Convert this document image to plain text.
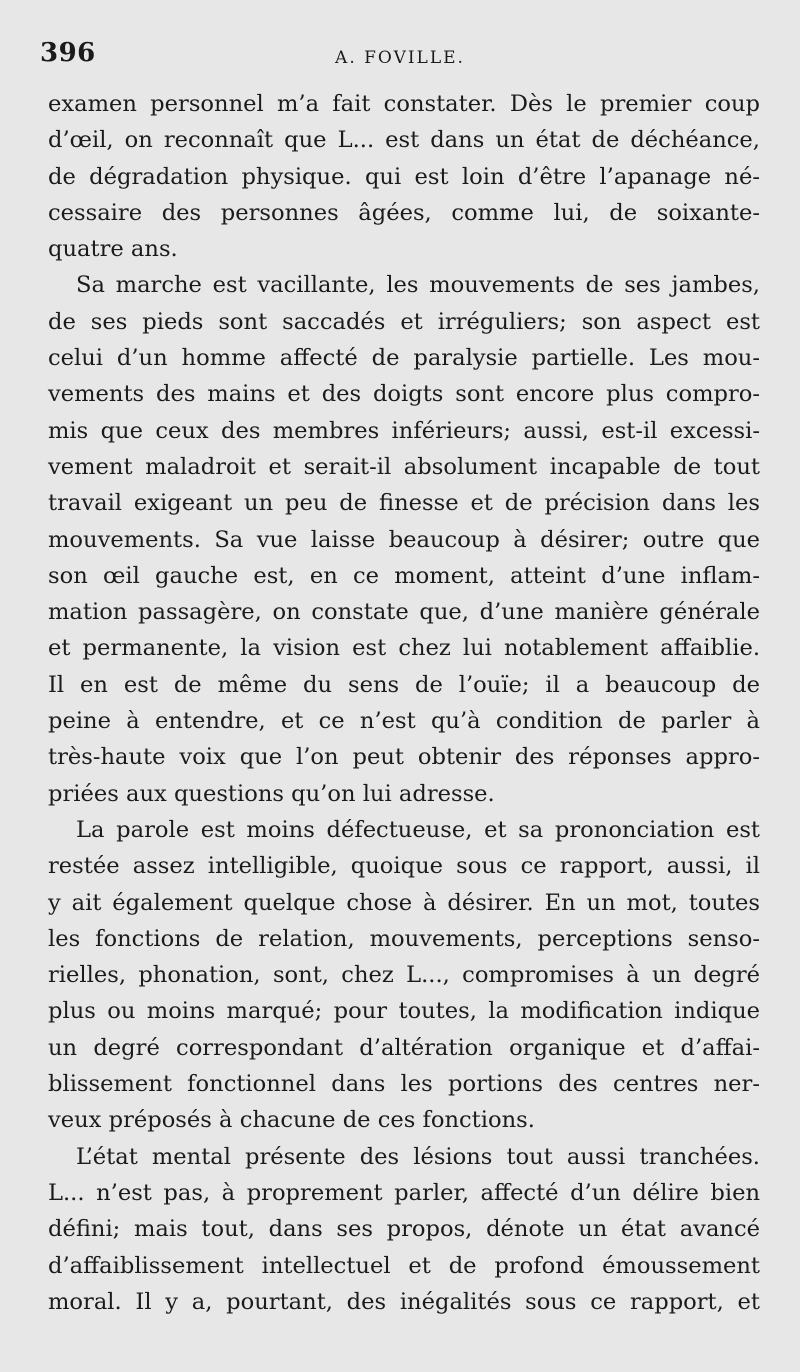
396	A. FOVILLE.
examen personnel m’a fait constater. Dès le premier coup
d’œil, on reconnaît que L... est dans un état de déchéance,
de dégradation physique. qui est loin d’être l’apanage né-
cessaire des personnes âgées, comme lui, de soixante-
quatre ans.
Sa marche est vacillante, les mouvements de ses jambes,
de ses pieds sont saccadés et irréguliers; son aspect est
celui d’un homme affecté de paralysie partielle. Les mou-
vements des mains et des doigts sont encore plus compro-
mis que ceux des membres inférieurs; aussi, est-il excessi-
vement maladroit et serait-il absolument incapable de tout
travail exigeant un peu de finesse et de précision dans les
mouvements. Sa vue laisse beaucoup à désirer; outre que
son œil gauche est, en ce moment, atteint d’une inflam-
mation passagère, on constate que, d’une manière générale
et permanente, la vision est chez lui notablement affaiblie.
Il en est de même du sens de l’ouïe; il a beaucoup de
peine à entendre, et ce n’est qu’à condition de parler à
très-haute voix que l’on peut obtenir des réponses appro-
priées aux questions qu’on lui adresse.
La parole est moins défectueuse, et sa prononciation est
restée assez intelligible, quoique sous ce rapport, aussi, il
y ait également quelque chose à désirer. En un mot, toutes
les fonctions de relation, mouvements, perceptions senso-
rielles, phonation, sont, chez L..., compromises à un degré
plus ou moins marqué; pour toutes, la modification indique
un degré correspondant d’altération organique et d’affai-
blissement fonctionnel dans les portions des centres ner-
veux préposés à chacune de ces fonctions.
L’état mental présente des lésions tout aussi tranchées.
L... n’est pas, à proprement parler, affecté d’un délire bien
défini; mais tout, dans ses propos, dénote un état avancé
d’affaiblissement intellectuel et de profond émoussement
moral. Il y a, pourtant, des inégalités sous ce rapport, et
